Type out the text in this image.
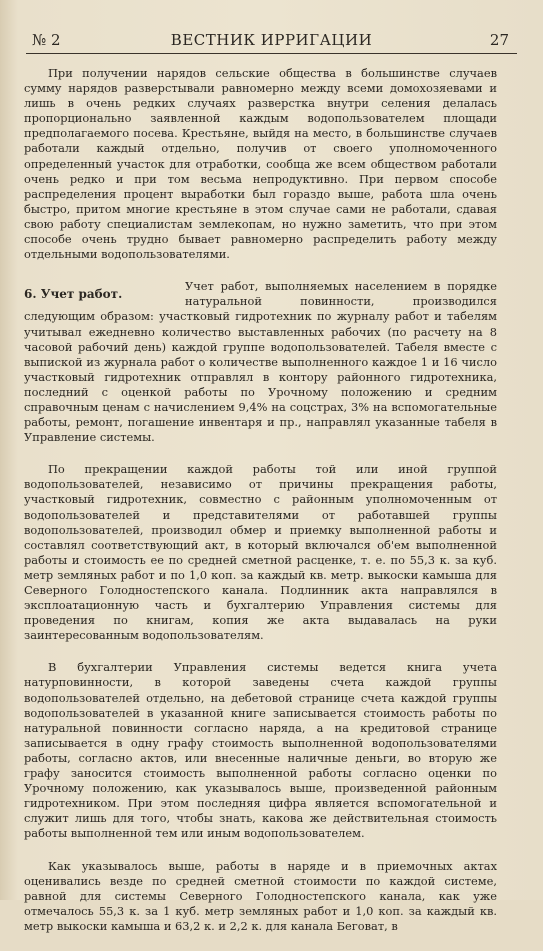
№ 2	ВЕСТНИК ИРРИГАЦИИ	27

При получении нарядов сельские общества в большинстве случаев сумму нарядов разверстывали равномерно между всеми домохозяевами и лишь в очень редких случаях разверстка внутри селения делалась пропорционально заявленной каждым водопользователем площади предполагаемого посева. Крестьяне, выйдя на место, в большинстве случаев работали каждый отдельно, получив от своего уполномоченного определенный участок для отработки, сообща же всем обществом работали очень редко и при том весьма непродуктивно. При первом способе распределения процент выработки был гораздо выше, работа шла очень быстро, притом многие крестьяне в этом случае сами не работали, сдавая свою работу специалистам землекопам, но нужно заметить, что при этом способе очень трудно бывает равномерно распределить работу между отдельными водопользователями.

6. Учет работ.

Учет работ, выполняемых населением в порядке натуральной повинности, производился следующим образом: участковый гидротехник по журналу работ и табелям учитывал ежедневно количество выставленных рабочих (по расчету на 8 часовой рабочий день) каждой группе водопользователей. Табеля вместе с выпиской из журнала работ о количестве выполненного каждое 1 и 16 число участковый гидротехник отправлял в контору районного гидротехника, последний с оценкой работы по Урочному положению и средним справочным ценам с начислением 9,4% на соцстрах, 3% на вспомогательные работы, ремонт, погашение инвентаря и пр., направлял указанные табеля в Управление системы.

По прекращении каждой работы той или иной группой водопользователей, независимо от причины прекращения работы, участковый гидротехник, совместно с районным уполномоченным от водопользователей и представителями от работавшей группы водопользователей, производил обмер и приемку выполненной работы и составлял соответствующий акт, в который включался об'ем выполненной работы и стоимость ее по средней сметной расценке, т. е. по 55,3 к. за куб. метр земляных работ и по 1,0 коп. за каждый кв. метр. выкоски камыша для Северного Голодностепского канала. Подлинник акта направлялся в эксплоатационную часть и бухгалтерию Управления системы для проведения по книгам, копия же акта выдавалась на руки заинтересованным водопользователям.

В бухгалтерии Управления системы ведется книга учета натурповинности, в которой заведены счета каждой группы водопользователей отдельно, на дебетовой странице счета каждой группы водопользователей в указанной книге записывается стоимость работы по натуральной повинности согласно наряда, а на кредитовой странице записывается в одну графу стоимость выполненной водопользователями работы, согласно актов, или внесенные наличные деньги, во вторую же графу заносится стоимость выполненной работы согласно оценки по Урочному положению, как указывалось выше, произведенной районным гидротехником. При этом последняя цифра является вспомогательной и служит лишь для того, чтобы знать, какова же действительная стоимость работы выполненной тем или иным водопользователем.

Как указывалось выше, работы в наряде и в приемочных актах оценивались везде по средней сметной стоимости по каждой системе, равной для системы Северного Голодностепского канала, как уже отмечалось 55,3 к. за 1 куб. метр земляных работ и 1,0 коп. за каждый кв. метр выкоски камыша и 63,2 к. и 2,2 к. для канала Беговат, в
